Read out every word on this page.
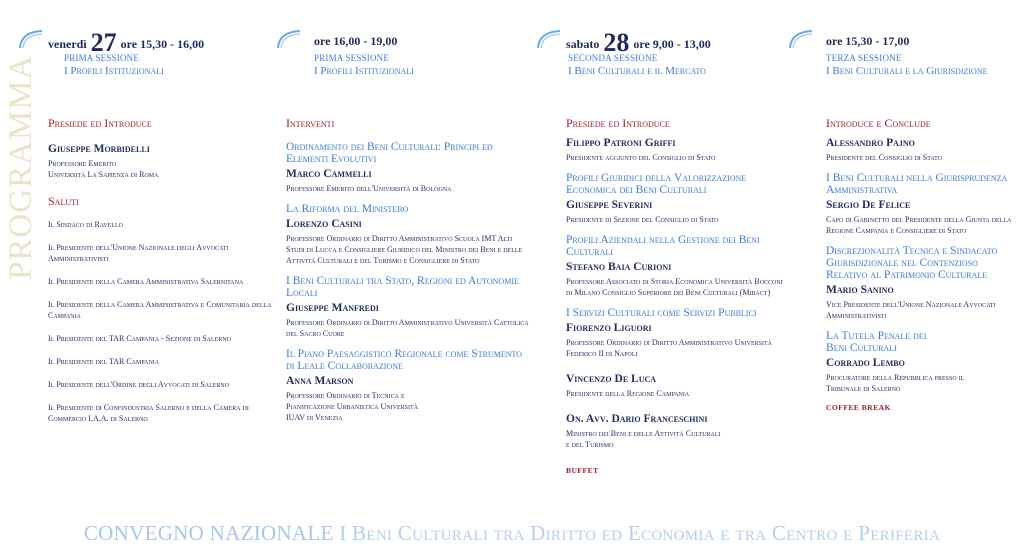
PROGRAMMA
venerdì 27 ore 15,30 - 16,00
PRIMA SESSIONE
I Profili Istituzionali
Presiede ed Introduce
Giuseppe Morbidelli
Professore Emerito
Università La Sapienza di Roma
Saluti
Il Sindaco di Ravello
Il Presidente dell'Unione Nazionale degli Avvocati Amministrativisti
Il Presidente della Camera Amministrativa Salernitana
Il Presidente della Camera Amministrativa e Comunitaria della Campania
Il Presidente del TAR Campania - Sezione di Salerno
Il Presidente del TAR Campania
Il Presidente dell'Ordine degli Avvocati di Salerno
Il Presidente di Confindustria Salerno e della Camera di Commercio I.A.A. di Salerno
ore 16,00 - 19,00
PRIMA SESSIONE
I Profili Istituzionali
Interventi
Ordinamento dei Beni Culturali: Principi ed Elementi Evolutivi
Marco Cammelli
Professore Emerito dell'Università di Bologna
La Riforma del Ministero
Lorenzo Casini
Professore Ordinario di Diritto Amministrativo Scuola IMT Alti Studi di Lucca e Consigliere Giuridico del Ministro dei Beni e delle Attività Culturali e del Turismo e Consigliere di Stato
I Beni Culturali tra Stato, Regioni ed Autonomie Locali
Giuseppe Manfredi
Professore Ordinario di Diritto Amministrativo Università Cattolica del Sacro Cuore
Il Piano Paesaggistico Regionale come Strumento di Leale Collaborazione
Anna Marson
Professore Ordinario di Tecnica e Pianificazione Urbanistica Università IUAV di Venezia
sabato 28 ore 9,00 - 13,00
SECONDA SESSIONE
I Beni Culturali e il Mercato
Presiede ed Introduce
Filippo Patroni Griffi
Presidente aggiunto del Consiglio di Stato
Profili Giuridici della Valorizzazione Economica dei Beni Culturali
Giuseppe Severini
Presidente di Sezione del Consiglio di Stato
Profili Aziendali nella Gestione dei Beni Culturali
Stefano Baia Curioni
Professore Associato di Storia Economica Università Bocconi di Milano Consiglio Superiore dei Beni Culturali (Mibact)
I Servizi Culturali come Servizi Pubblici
Fiorenzo Liguori
Professore Ordinario di Diritto Amministrativo Università Federico II di Napoli
Vincenzo De Luca
Presidente della Regione Campania
On. Avv. Dario Franceschini
Ministro dei Beni e delle Attività Culturali e del Turismo
BUFFET
ore 15,30 - 17,00
TERZA SESSIONE
I Beni Culturali e la Giurisdizione
Introduce e Conclude
Alessandro Pajno
Presidente del Consiglio di Stato
I Beni Culturali nella Giurisprudenza Amministrativa
Sergio De Felice
Capo di Gabinetto del Presidente della Giunta della Regione Campania e Consigliere di Stato
Discrezionalità Tecnica e Sindacato Giurisdizionale nel Contenzioso Relativo al Patrimonio Culturale
Mario Sanino
Vice Presidente dell'Unione Nazionale Avvocati Amministrativisti
La Tutela Penale dei Beni Culturali
Corrado Lembo
Procuratore della Repubblica presso il Tribunale di Salerno
COFFEE BREAK
CONVEGNO NAZIONALE I Beni Culturali tra Diritto ed Economia e tra Centro e Periferia
